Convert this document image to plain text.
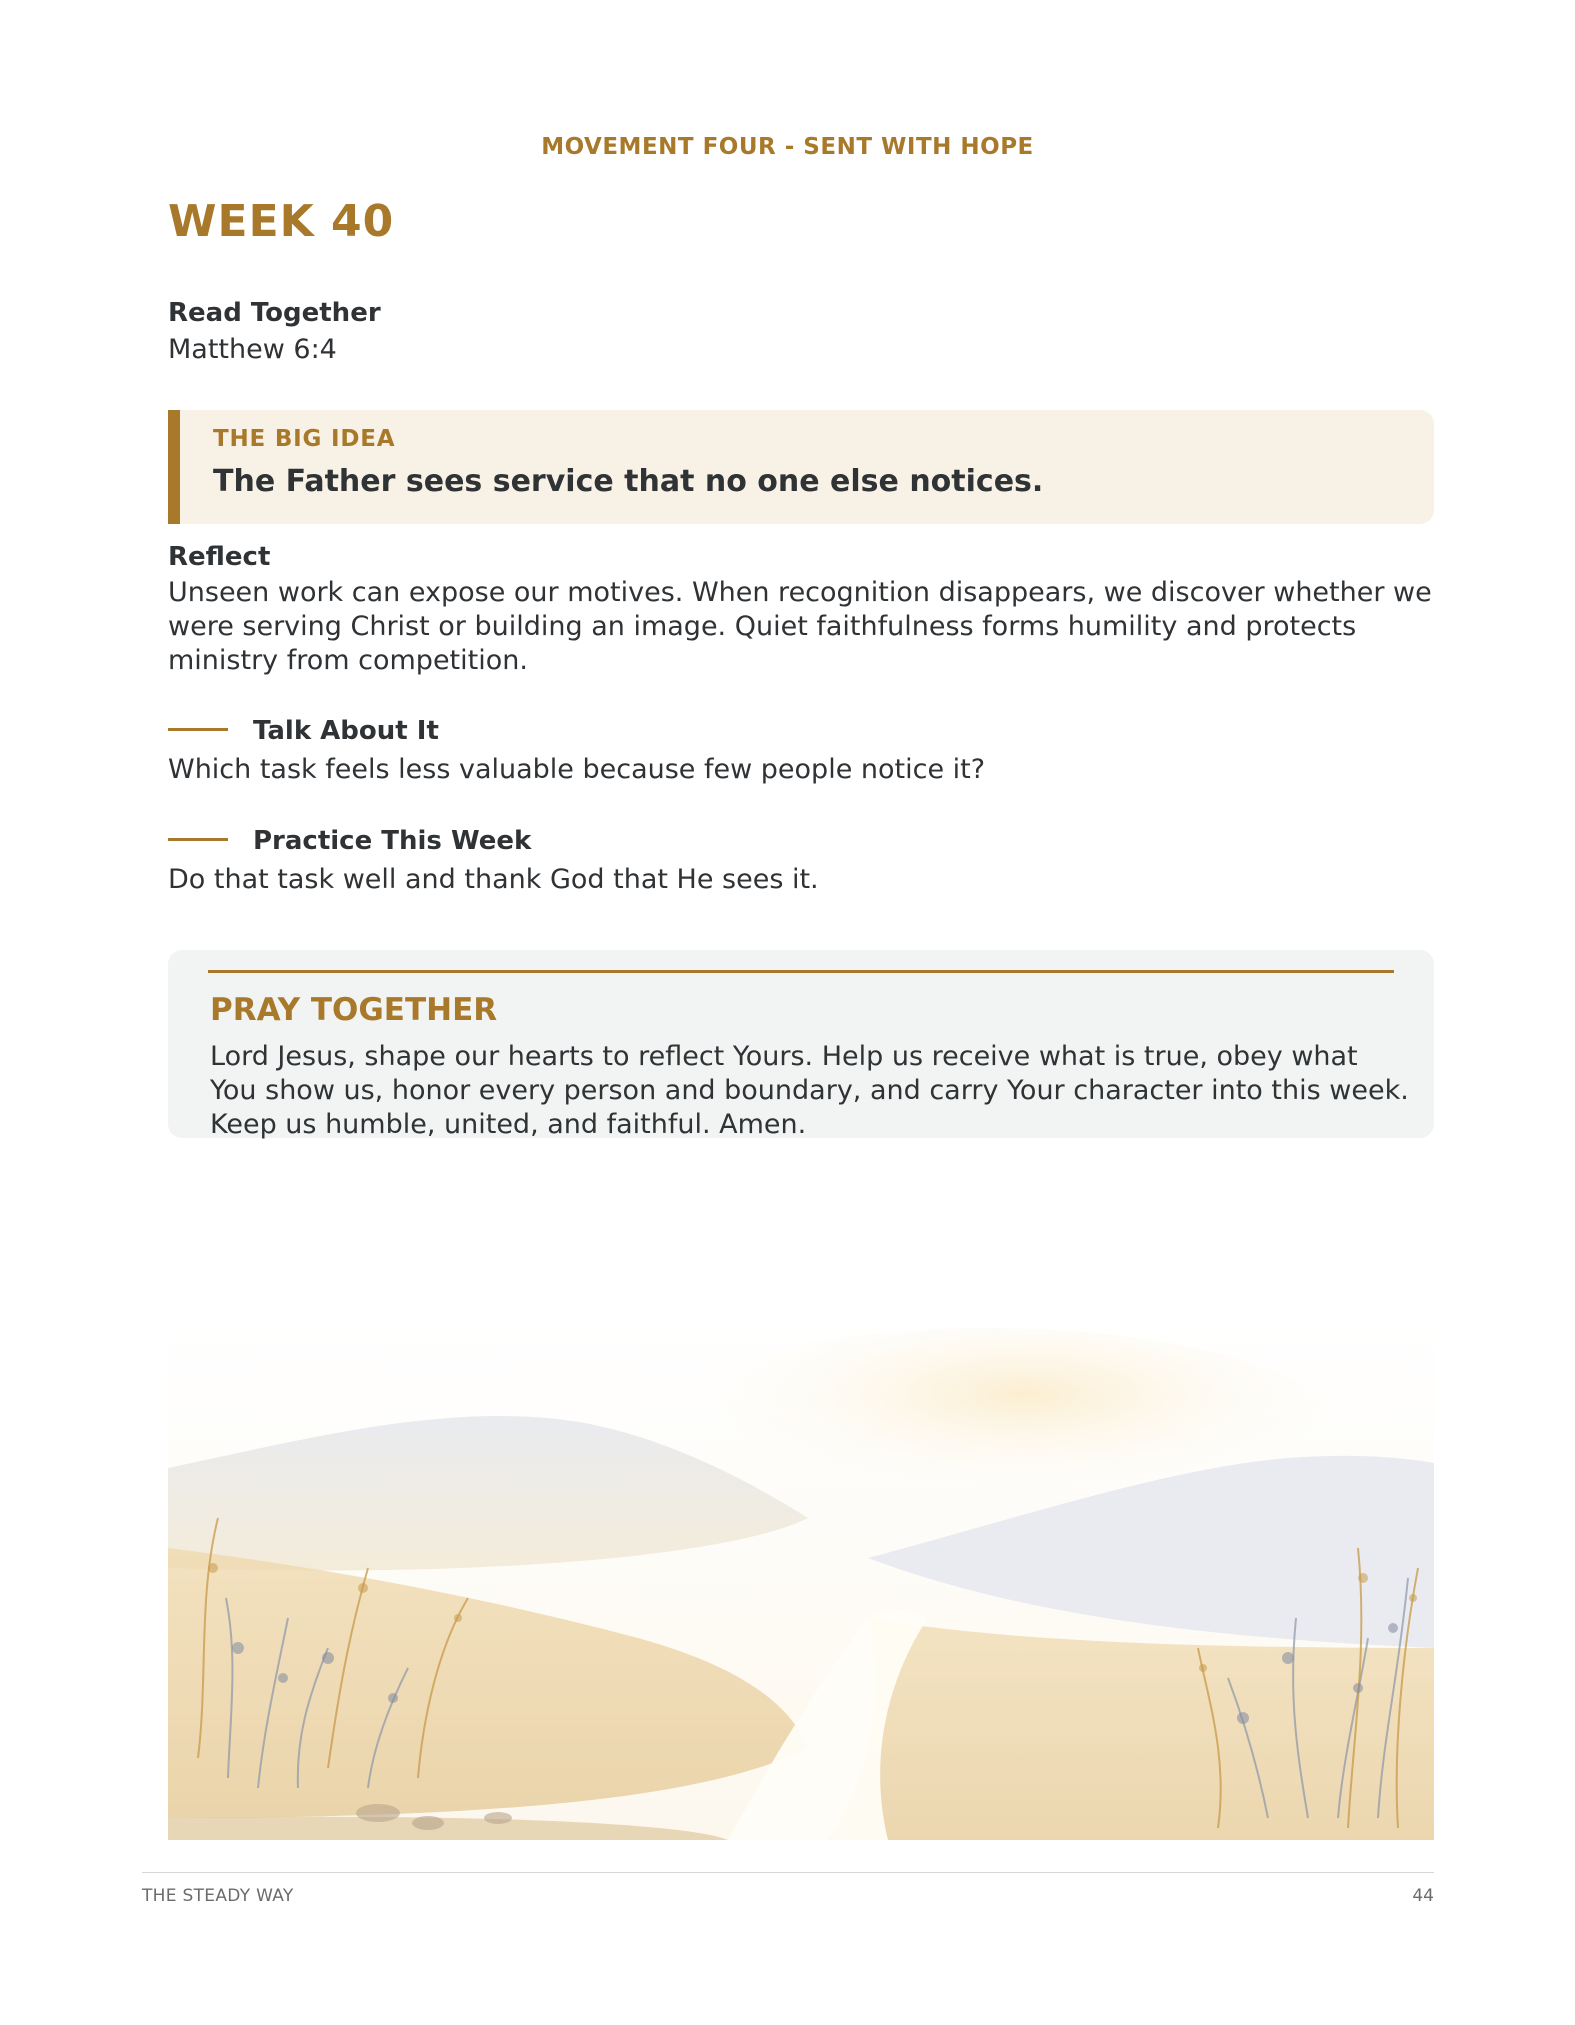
MOVEMENT FOUR - SENT WITH HOPE
WEEK 40
Read Together
Matthew 6:4
THE BIG IDEA
The Father sees service that no one else notices.
Reflect
Unseen work can expose our motives. When recognition disappears, we discover whether we were serving Christ or building an image. Quiet faithfulness forms humility and protects ministry from competition.
Talk About It
Which task feels less valuable because few people notice it?
Practice This Week
Do that task well and thank God that He sees it.
PRAY TOGETHER
Lord Jesus, shape our hearts to reflect Yours. Help us receive what is true, obey what You show us, honor every person and boundary, and carry Your character into this week. Keep us humble, united, and faithful. Amen.
THE STEADY WAY	44
